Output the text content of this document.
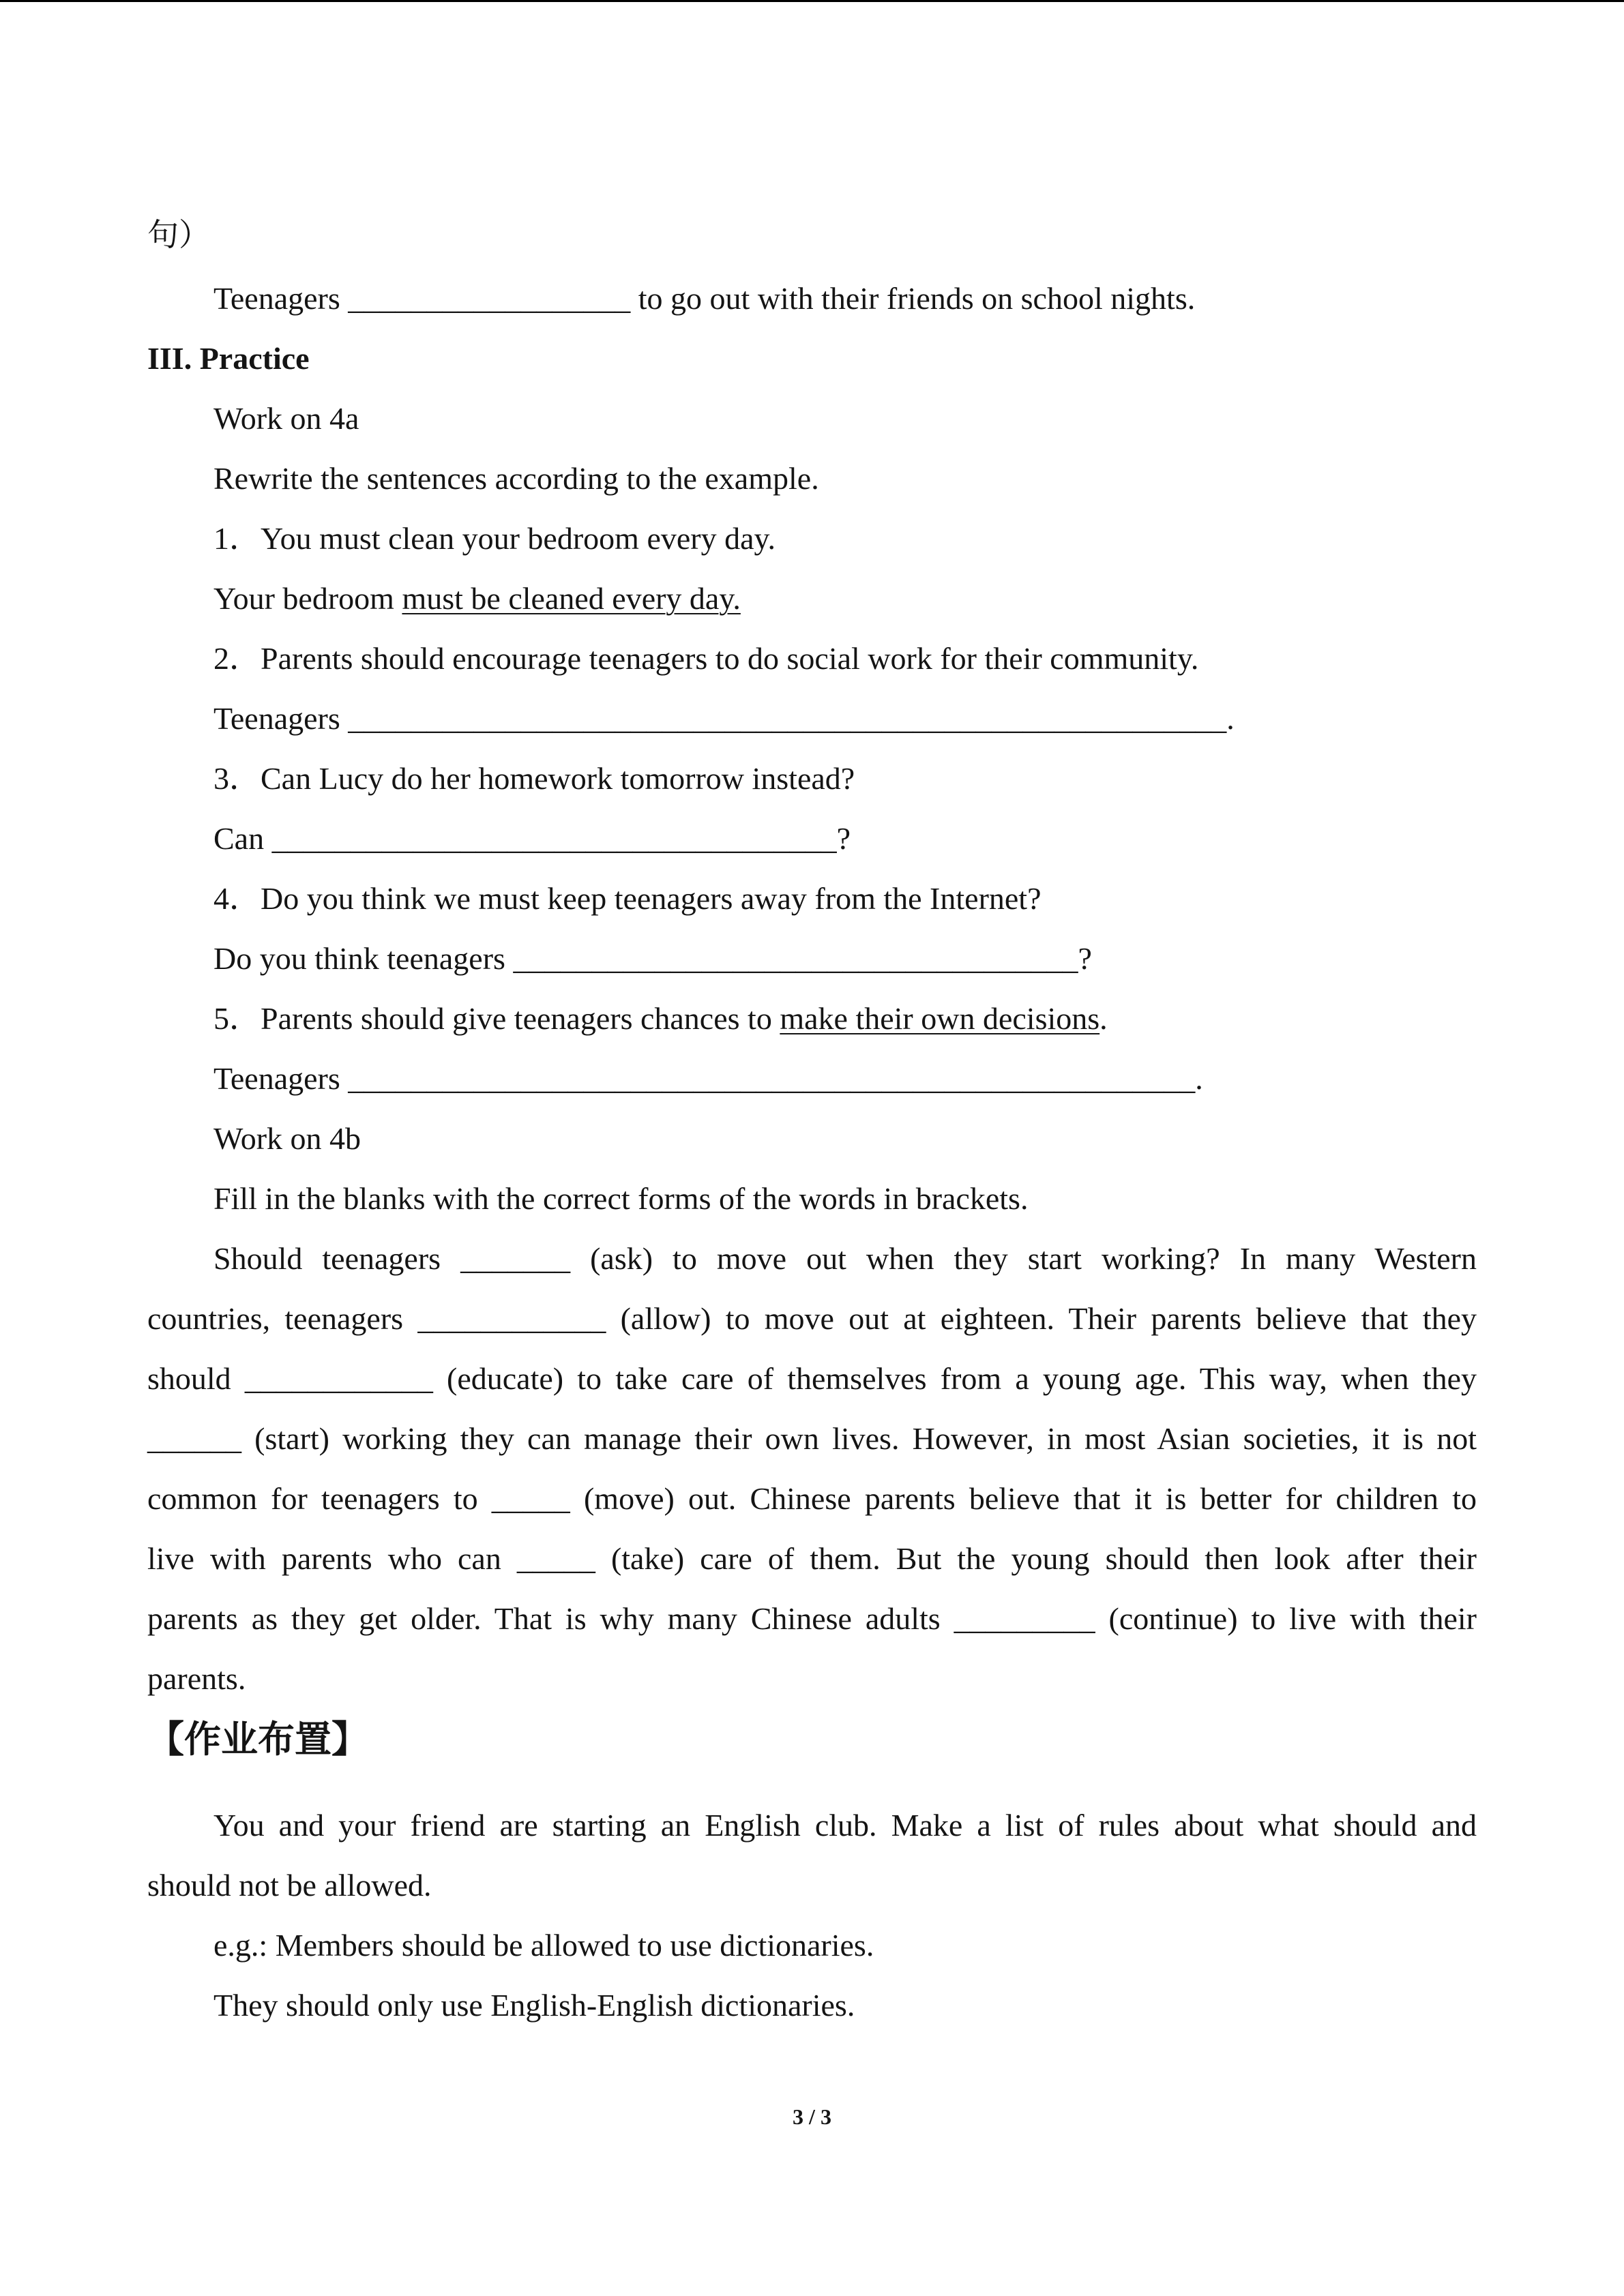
句）
Teenagers __________________ to go out with their friends on school nights.
III. Practice
Work on 4a
Rewrite the sentences according to the example.
1．You must clean your bedroom every day.
Your bedroom must be cleaned every day.
2．Parents should encourage teenagers to do social work for their community.
Teenagers ________________________________________________________.
3．Can Lucy do her homework tomorrow instead?
Can ____________________________________?
4．Do you think we must keep teenagers away from the Internet?
Do you think teenagers ____________________________________?
5．Parents should give teenagers chances to make their own decisions.
Teenagers ______________________________________________________.
Work on 4b
Fill in the blanks with the correct forms of the words in brackets.
Should teenagers _______ (ask) to move out when they start working? In many Western
countries, teenagers ____________ (allow) to move out at eighteen. Their parents believe that they
should ____________ (educate) to take care of themselves from a young age. This way, when they
______ (start) working they can manage their own lives. However, in most Asian societies, it is not
common for teenagers to _____ (move) out. Chinese parents believe that it is better for children to
live with parents who can _____ (take) care of them. But the young should then look after their
parents as they get older. That is why many Chinese adults _________ (continue) to live with their
parents.
【作业布置】
You and your friend are starting an English club. Make a list of rules about what should and
should not be allowed.
e.g.: Members should be allowed to use dictionaries.
They should only use English-English dictionaries.
3 / 3
